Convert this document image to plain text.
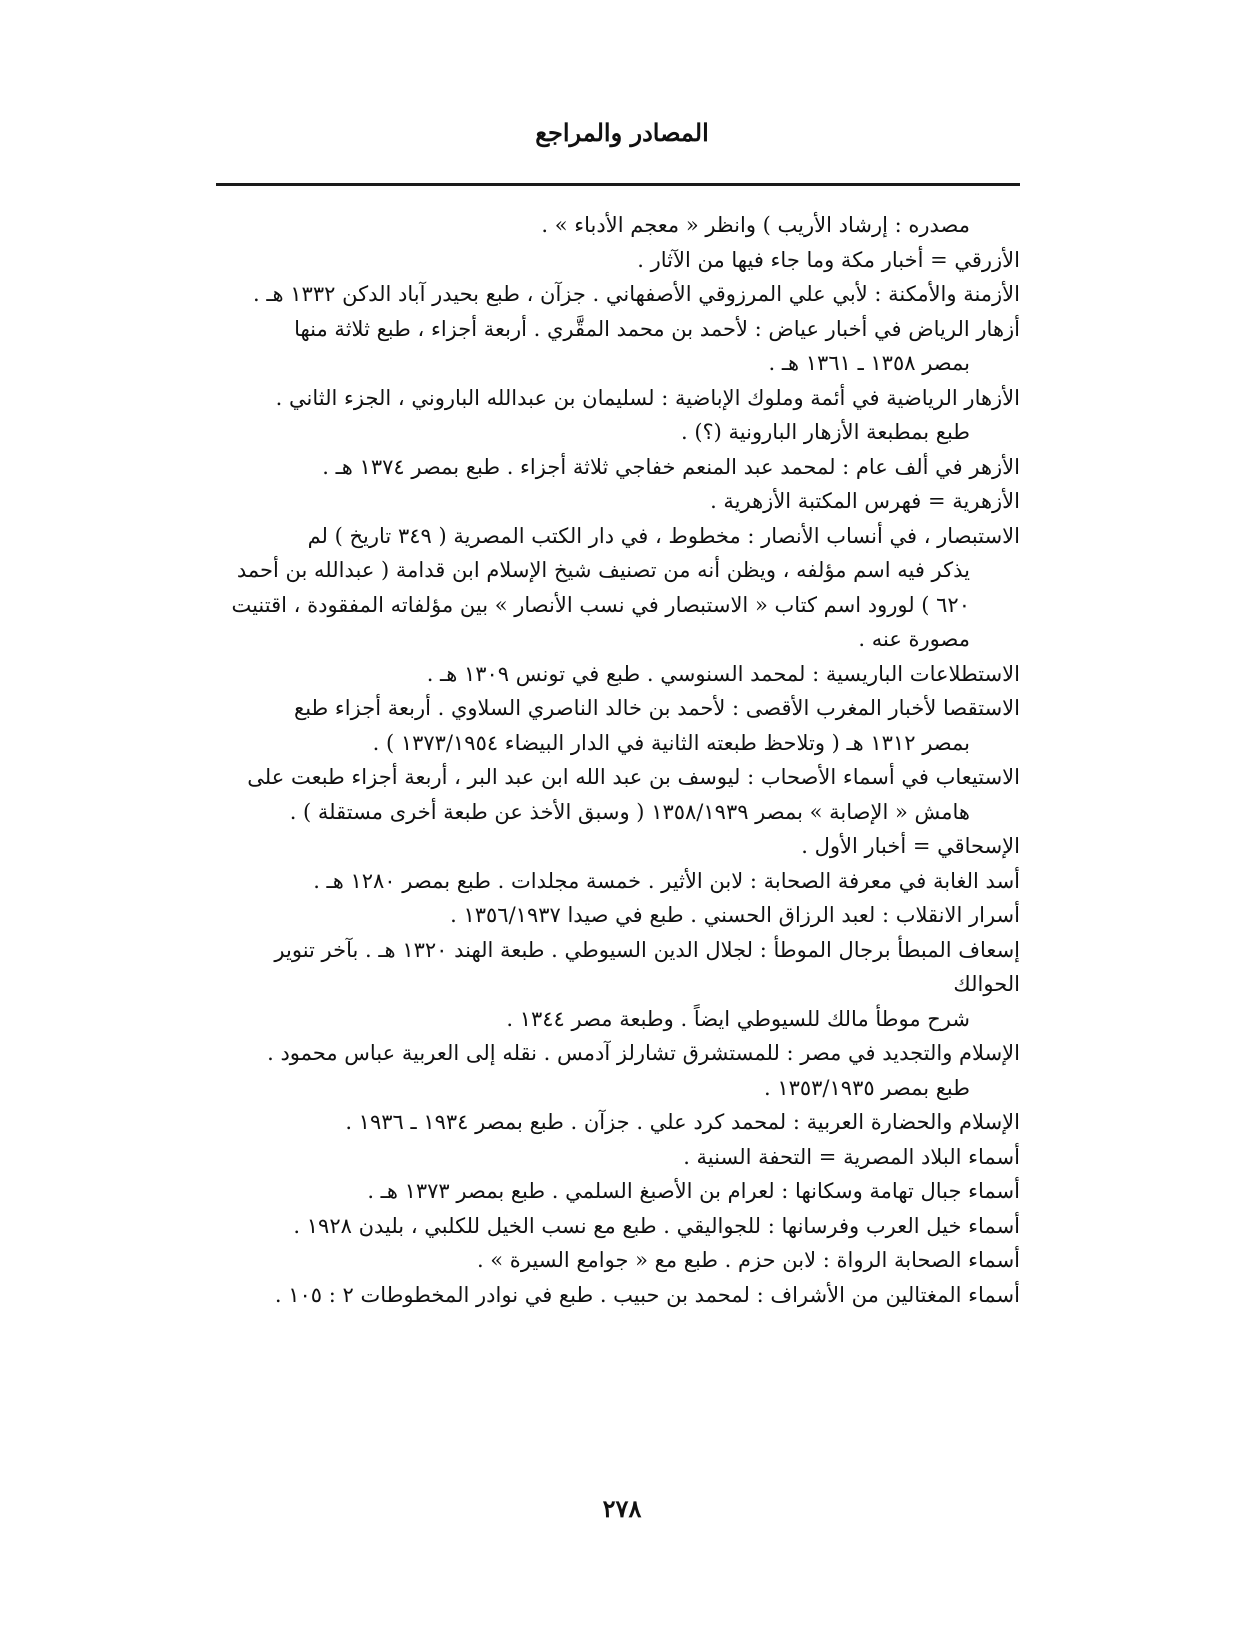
المصادر والمراجع
مصدره : إرشاد الأريب ) وانظر « معجم الأدباء » .
الأزرقي = أخبار مكة وما جاء فيها من الآثار .
الأزمنة والأمكنة : لأبي علي المرزوقي الأصفهاني . جزآن ، طبع بحيدر آباد الدكن ١٣٣٢ هـ .
أزهار الرياض في أخبار عياض : لأحمد بن محمد المقَّري . أربعة أجزاء ، طبع ثلاثة منها
بمصر ١٣٥٨ ـ ١٣٦١ هـ .
الأزهار الرياضية في أئمة وملوك الإباضية : لسليمان بن عبدالله الباروني ، الجزء الثاني .
طبع بمطبعة الأزهار البارونية (؟) .
الأزهر في ألف عام : لمحمد عبد المنعم خفاجي ثلاثة أجزاء . طبع بمصر ١٣٧٤ هـ .
الأزهرية = فهرس المكتبة الأزهرية .
الاستبصار ، في أنساب الأنصار : مخطوط ، في دار الكتب المصرية ( ٣٤٩ تاريخ ) لم
يذكر فيه اسم مؤلفه ، ويظن أنه من تصنيف شيخ الإسلام ابن قدامة ( عبدالله بن أحمد
٦٢٠ ) لورود اسم كتاب « الاستبصار في نسب الأنصار » بين مؤلفاته المفقودة ، اقتنيت
مصورة عنه .
الاستطلاعات الباريسية : لمحمد السنوسي . طبع في تونس ١٣٠٩ هـ .
الاستقصا لأخبار المغرب الأقصى : لأحمد بن خالد الناصري السلاوي . أربعة أجزاء طبع
بمصر ١٣١٢ هـ ( وتلاحظ طبعته الثانية في الدار البيضاء ١٣٧٣/١٩٥٤ ) .
الاستيعاب في أسماء الأصحاب : ليوسف بن عبد الله ابن عبد البر ، أربعة أجزاء طبعت على
هامش « الإصابة » بمصر ١٣٥٨/١٩٣٩ ( وسبق الأخذ عن طبعة أخرى مستقلة ) .
الإسحاقي = أخبار الأول .
أسد الغابة في معرفة الصحابة : لابن الأثير . خمسة مجلدات . طبع بمصر ١٢٨٠ هـ .
أسرار الانقلاب : لعبد الرزاق الحسني . طبع في صيدا ١٣٥٦/١٩٣٧ .
إسعاف المبطأ برجال الموطأ : لجلال الدين السيوطي . طبعة الهند ١٣٢٠ هـ . بآخر تنوير الحوالك
شرح موطأ مالك للسيوطي ايضاً . وطبعة مصر ١٣٤٤ .
الإسلام والتجديد في مصر : للمستشرق تشارلز آدمس . نقله إلى العربية عباس محمود .
طبع بمصر ١٣٥٣/١٩٣٥ .
الإسلام والحضارة العربية : لمحمد كرد علي . جزآن . طبع بمصر ١٩٣٤ ـ ١٩٣٦ .
أسماء البلاد المصرية = التحفة السنية .
أسماء جبال تهامة وسكانها : لعرام بن الأصبغ السلمي . طبع بمصر ١٣٧٣ هـ .
أسماء خيل العرب وفرسانها : للجواليقي . طبع مع نسب الخيل للكلبي ، بليدن ١٩٢٨ .
أسماء الصحابة الرواة : لابن حزم . طبع مع « جوامع السيرة » .
أسماء المغتالين من الأشراف : لمحمد بن حبيب . طبع في نوادر المخطوطات ٢ : ١٠٥ .
٢٧٨
